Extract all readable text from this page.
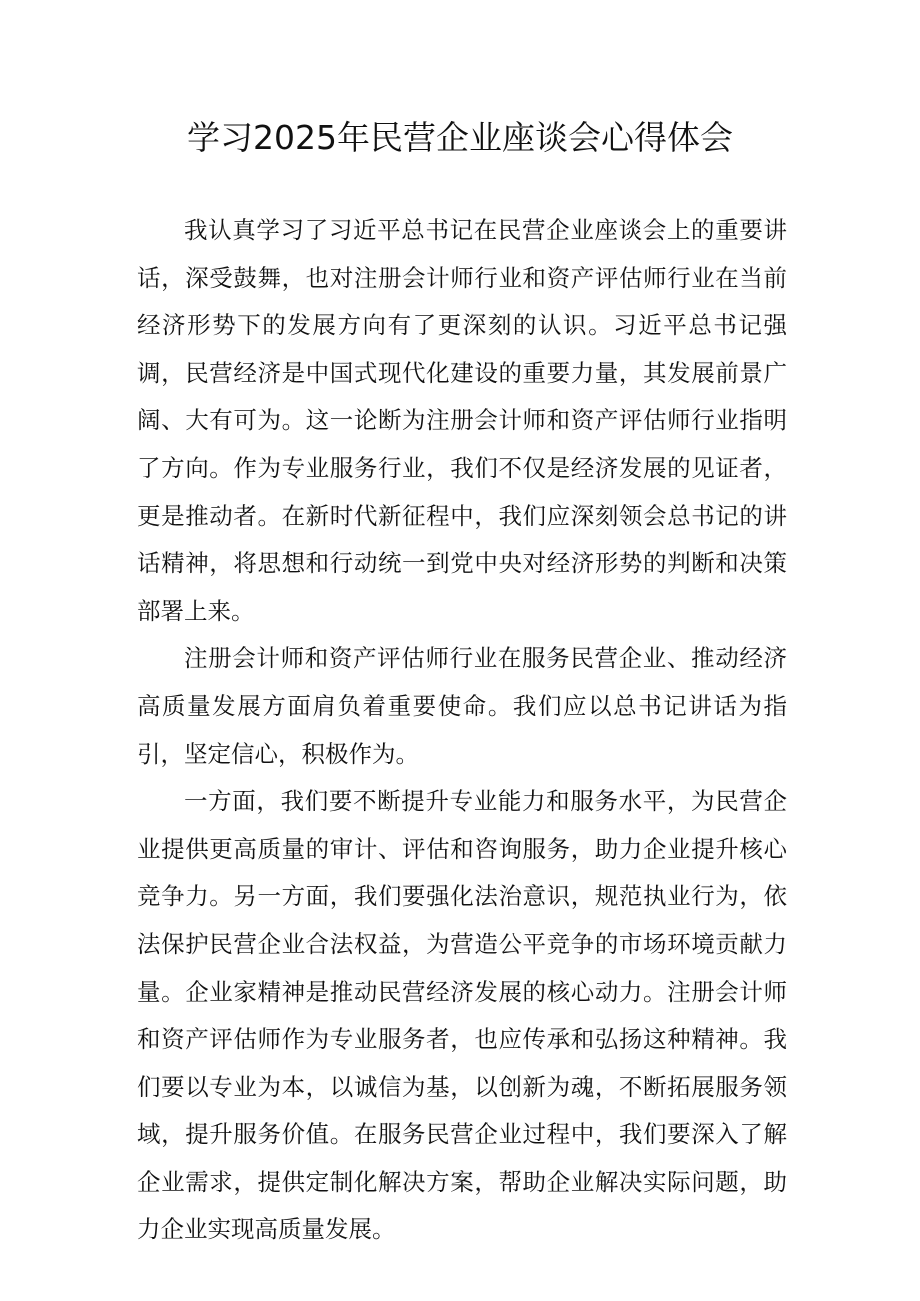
学习2025年民营企业座谈会心得体会

我认真学习了习近平总书记在民营企业座谈会上的重要讲话，深受鼓舞，也对注册会计师行业和资产评估师行业在当前经济形势下的发展方向有了更深刻的认识。习近平总书记强调，民营经济是中国式现代化建设的重要力量，其发展前景广阔、大有可为。这一论断为注册会计师和资产评估师行业指明了方向。作为专业服务行业，我们不仅是经济发展的见证者，更是推动者。在新时代新征程中，我们应深刻领会总书记的讲话精神，将思想和行动统一到党中央对经济形势的判断和决策部署上来。

注册会计师和资产评估师行业在服务民营企业、推动经济高质量发展方面肩负着重要使命。我们应以总书记讲话为指引，坚定信心，积极作为。

一方面，我们要不断提升专业能力和服务水平，为民营企业提供更高质量的审计、评估和咨询服务，助力企业提升核心竞争力。另一方面，我们要强化法治意识，规范执业行为，依法保护民营企业合法权益，为营造公平竞争的市场环境贡献力量。企业家精神是推动民营经济发展的核心动力。注册会计师和资产评估师作为专业服务者，也应传承和弘扬这种精神。我们要以专业为本，以诚信为基，以创新为魂，不断拓展服务领域，提升服务价值。在服务民营企业过程中，我们要深入了解企业需求，提供定制化解决方案，帮助企业解决实际问题，助力企业实现高质量发展。
